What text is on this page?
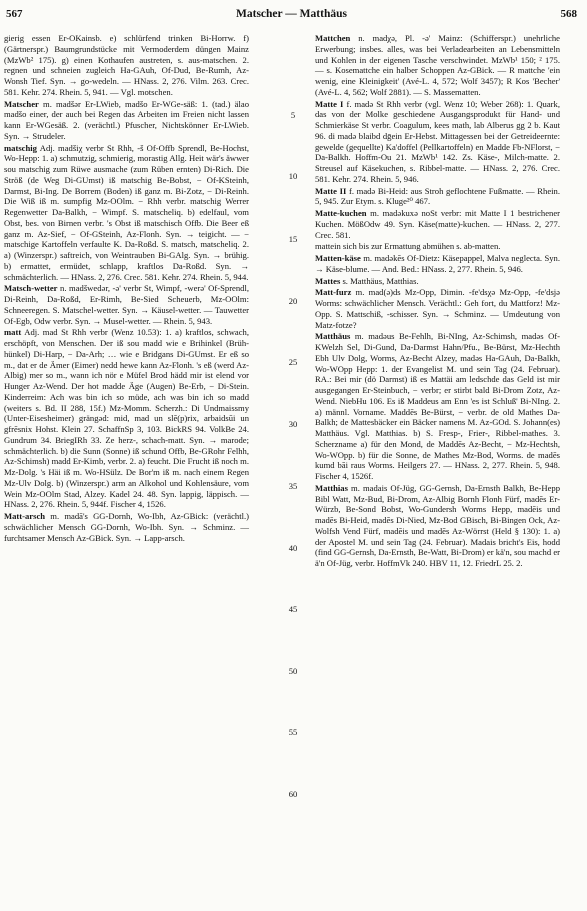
567	Matscher — Matthäus	568
gierig essen Er-OKainsb. e) schlürfend trinken Bi-Horrw. f) (Gärtnerspr.) Baumgrundstücke mit Vermoderdem düngen Mainz (MzWb² 175). g) einen Kothaufen austreten, s. aus-matschen. 2. regnen und schneien zugleich Ha-GAuh, Of-Dud, Be-Rumh, Az-Wonsh Tief. Syn. → go-wedeln. — HNass. 2, 276. Vilm. 263. Crec. 581. Kehr. 274. Rhein. 5, 941. — Vgl. motschen.
Matscher m. madšər Er-LWieb, madšo Er-WGe-säß: 1. (tad.) älao madšo einer, der auch bei Regen das Arbeiten im Freien nicht lassen kann Er-WGesäß. 2. (verächtl.) Pfuscher, Nichtskönner Er-LWieb. Syn. → Strudeler.
matschig Adj. madšiχ verbr St Rhh, -š Of-Offb Sprendl, Be-Hochst, Wo-Hepp: 1. a) schmutzig, schmierig, morastig Allg. Heit wär's äwwer sou matschig zum Rüwe ausmache (zum Rüben ernten) Di-Rich. Die Ströß (de Weg Di-GUmst) iß matschig Be-Bobst, − Of-KSteinh, Darmst, Bi-Ing. De Borrem (Boden) iß ganz m. Bi-Zotz, − Di-Reinh. Die Wiß iß m. sumpfig Mz-OOlm. − Rhh verbr. matschig Werrer Regenwetter Da-Balkh, − Wimpf. S. matscheliq. b) edelfaul, vom Obst, bes. von Birnen verbr. 's Obst iß matschisch Offb. Die Beer eß ganz m. Az-Sief, − Of-GSteinh, Az-Flonh. Syn. → teigicht. — − matschige Kartoffeln verfaulte K. Da-Roßd. S. matsch, matscheliq. 2. a) (Winzerspr.) saftreich, von Weintrauben Bi-GAlg. Syn. → brühig. b) ermattet, ermüdet, schlapp, kraftlos Da-Roßd. Syn. → schmächterlich. — HNass. 2, 276. Crec. 581. Kehr. 274. Rhein. 5, 944.
Matsch-wetter n. madšwedər, -ə' verbr St, Wimpf, -werə' Of-Sprendl, Di-Reinh, Da-Roßd, Er-Rimh, Be-Sied Scheuerb, Mz-OOlm: Schneeregen. S. Matschel-wetter. Syn. → Käusel-wetter. — Tauwetter Of-Egb, Odw verbr. Syn. → Musel-wetter. — Rhein. 5, 943.
matt Adj. mad St Rhh verbr (Wenz 10.53): 1. a) kraftlos, schwach, erschöpft, von Menschen. Der iß sou madd wie e Brihinkel (Brüh-hünkel) Di-Harp, − Da-Arh; … wie e Bridgans Di-GUmst. Er eß so m., dat er de Ämer (Eimer) nedd hewe kann Az-Flonh. 's eß (werd Az-Albig) mer so m., wann ich nör e Müfel Brod hädd mir ist elend vor Hunger Az-Wend. Der hot madde Äge (Augen) Be-Erb, − Di-Stein. Kinderreim: Ach was bin ich so müde, ach was bin ich so madd (weiters s. Bd. II 288, 15f.) Mz-Momm. Scherzh.: Di Undmaissmy (Unter-Eisesheimer) grängəd: mid, mad un slē(p)rix, arbaidsūi un gfrēsnix Hohst. Klein 27. SchaffnSp 3, 103. BickRS 94. VolkBe 24. Gundrum 34. BriegIRh 33. Ze herz-, schach-matt. Syn. → marode; schmächterlich. b) die Sunn (Sonne) iß schund Offb, Be-GRohr Felhh, Az-Schimsh) madd Er-Kimb, verbr. 2. a) feucht. Die Frucht iß noch m. Mz-Dolg. 's Häi iß m. Wo-HSülz. De Bor'm iß m. nach einem Regen Mz-Ulv Dolg. b) (Winzerspr.) arm an Alkohol und Kohlensäure, vom Wein Mz-OOlm Stad, Alzey. Kadel 24. 48. Syn. lappig, läppisch. — HNass. 2, 276. Rhein. 5, 944f. Fischer 4, 1526.
Matt-arsch m. madā's GG-Dornh, Wo-Ibh, Az-GBick: (verächtl.) schwächlicher Mensch GG-Dornh, Wo-Ibh. Syn. → Schminz. — furchtsamer Mensch Az-GBick. Syn. → Lapp-arsch.
Mattchen n. madχə, Pl. -ə' Mainz: (Schifferspr.) unehrliche Erwerbung; insbes. alles, was bei Verladearbeiten an Lebensmitteln und Kohlen in der eigenen Tasche verschwindet. MzWb¹ 150; ² 175. — s. Kosemattche ein halber Schoppen Az-GBick. — R mattche 'ein wenig, eine Kleinigkeit' (Avé-L. 4, 572; Wolf 3457); R Kos 'Becher' (Avé-L. 4, 562; Wolf 2881). — S. Massematten.
Matte I f. madə St Rhh verbr (vgl. Wenz 10; Weber 268): 1. Quark, das von der Molke geschiedene Ausgangsprodukt für Hand- und Schmierkäse St verbr. Coagulum, kees math, lab Alberus gg 2 b. Kaut 96. di madə blaibd dḡein Er-Hebst. Mittagessen bei der Getreideernte: gewelde (gequellte) Ka'doffel (Pellkartoffeln) en Madde Fb-NFlorst, − Da-Balkh. Hoffm-Ou 21. MzWb¹ 142. Zs. Käse-, Milch-matte. 2. Streusel auf Käsekuchen, s. Ribbel-matte. — HNass. 2, 276. Crec. 581. Kehr. 274. Rhein. 5, 946.
Matte II f. madə Bi-Heid: aus Stroh geflochtene Fußmatte. — Rhein. 5, 945. Zur Etym. s. Kluge²⁰ 467.
Matte-kuchen m. madəkuxə noSt verbr: mit Matte I 1 bestrichener Kuchen. MößOdw 49. Syn. Käse(matte)-kuchen. — HNass. 2, 277. Crec. 581.
mattein sich bis zur Ermattung abmühen s. ab-matten.
Matten-käse m. madəkēs Of-Dietz: Käsepappel, Malva neglecta. Syn. → Käse-blume. — And. Bed.: HNass. 2, 277. Rhein. 5, 946.
Mattes s. Matthäus, Matthias.
Matt-furz m. mad(ə)ds Mz-Opp, Dimin. -fe'dsχə Mz-Opp, -fe'dsjə Worms: schwächlicher Mensch. Verächtl.: Geh fort, du Mattforz! Mz-Opp. S. Mattschiß, -schisser. Syn. → Schminz. — Umdeutung von Matz-fotze?
Matthäus m. madəus Be-Fehlh, Bi-NIng, Az-Schimsh, madəs Of-KWelzh Sel, Di-Gund, Da-Darmst Hahn/Pfu., Be-Bürst, Mz-Hechth Ebh Ulv Dolg, Worms, Az-Becht Alzey, madəs Ha-GAuh, Da-Balkh, Wo-WOpp Hepp: 1. der Evangelist M. und sein Tag (24. Februar). RA.: Bei mir (dö Darmst) iß es Mattäi am ledschde das Geld ist mir ausgegangen Er-Steinbuch, − verbr; er stirbt bald Bi-Drom Zotz, Az-Wend. NiebHu 106. Es iß Maddeus am Enn 'es ist Schluß' Bi-NIng. 2. a) männl. Vorname. Maddēs Be-Bürst, − verbr. de old Mathes Da-Balkh; de Mattesbäcker ein Bäcker namens M. Az-GOd. S. Johann(es) Matthäus. Vgl. Matthias. b) S. Fresp-, Frier-, Ribbel-mathes. 3. Scherzname a) für den Mond, de Maddēs Az-Becht, − Mz-Hechtsh, Wo-WOpp. b) für die Sonne, de Mathes Mz-Bod, Worms. de madēs kumd bāi raus Worms. Heilgers 27. — HNass. 2, 277. Rhein. 5, 948. Fischer 4, 1526f.
Matthias m. madais Of-Jüg, GG-Gernsh, Da-Ernsth Balkh, Be-Hepp Bibl Watt, Mz-Bud, Bi-Drom, Az-Albig Bornh Flonh Fürf, madēs Er-Würzb, Be-Sond Bobst, Wo-Gundersh Worms Hepp, madēis und madēs Bi-Heid, madēs Di-Nied, Mz-Bod GBisch, Bi-Bingen Ock, Az-Wolfsh Vend Fürf, madēis und madēs Az-Wörrst (Held § 130): 1. a) der Apostel M. und sein Tag (24. Februar). Madais bricht's Eis, hodd (find GG-Gernsh, Da-Ernsth, Be-Watt, Bi-Drom) er kä'n, sou machd er ä'n Of-Jüg, verbr. HoffmVk 240. HBV 11, 12. FriedrL 25. 2.
5
10
15
20
25
30
35
40
45
50
55
60
